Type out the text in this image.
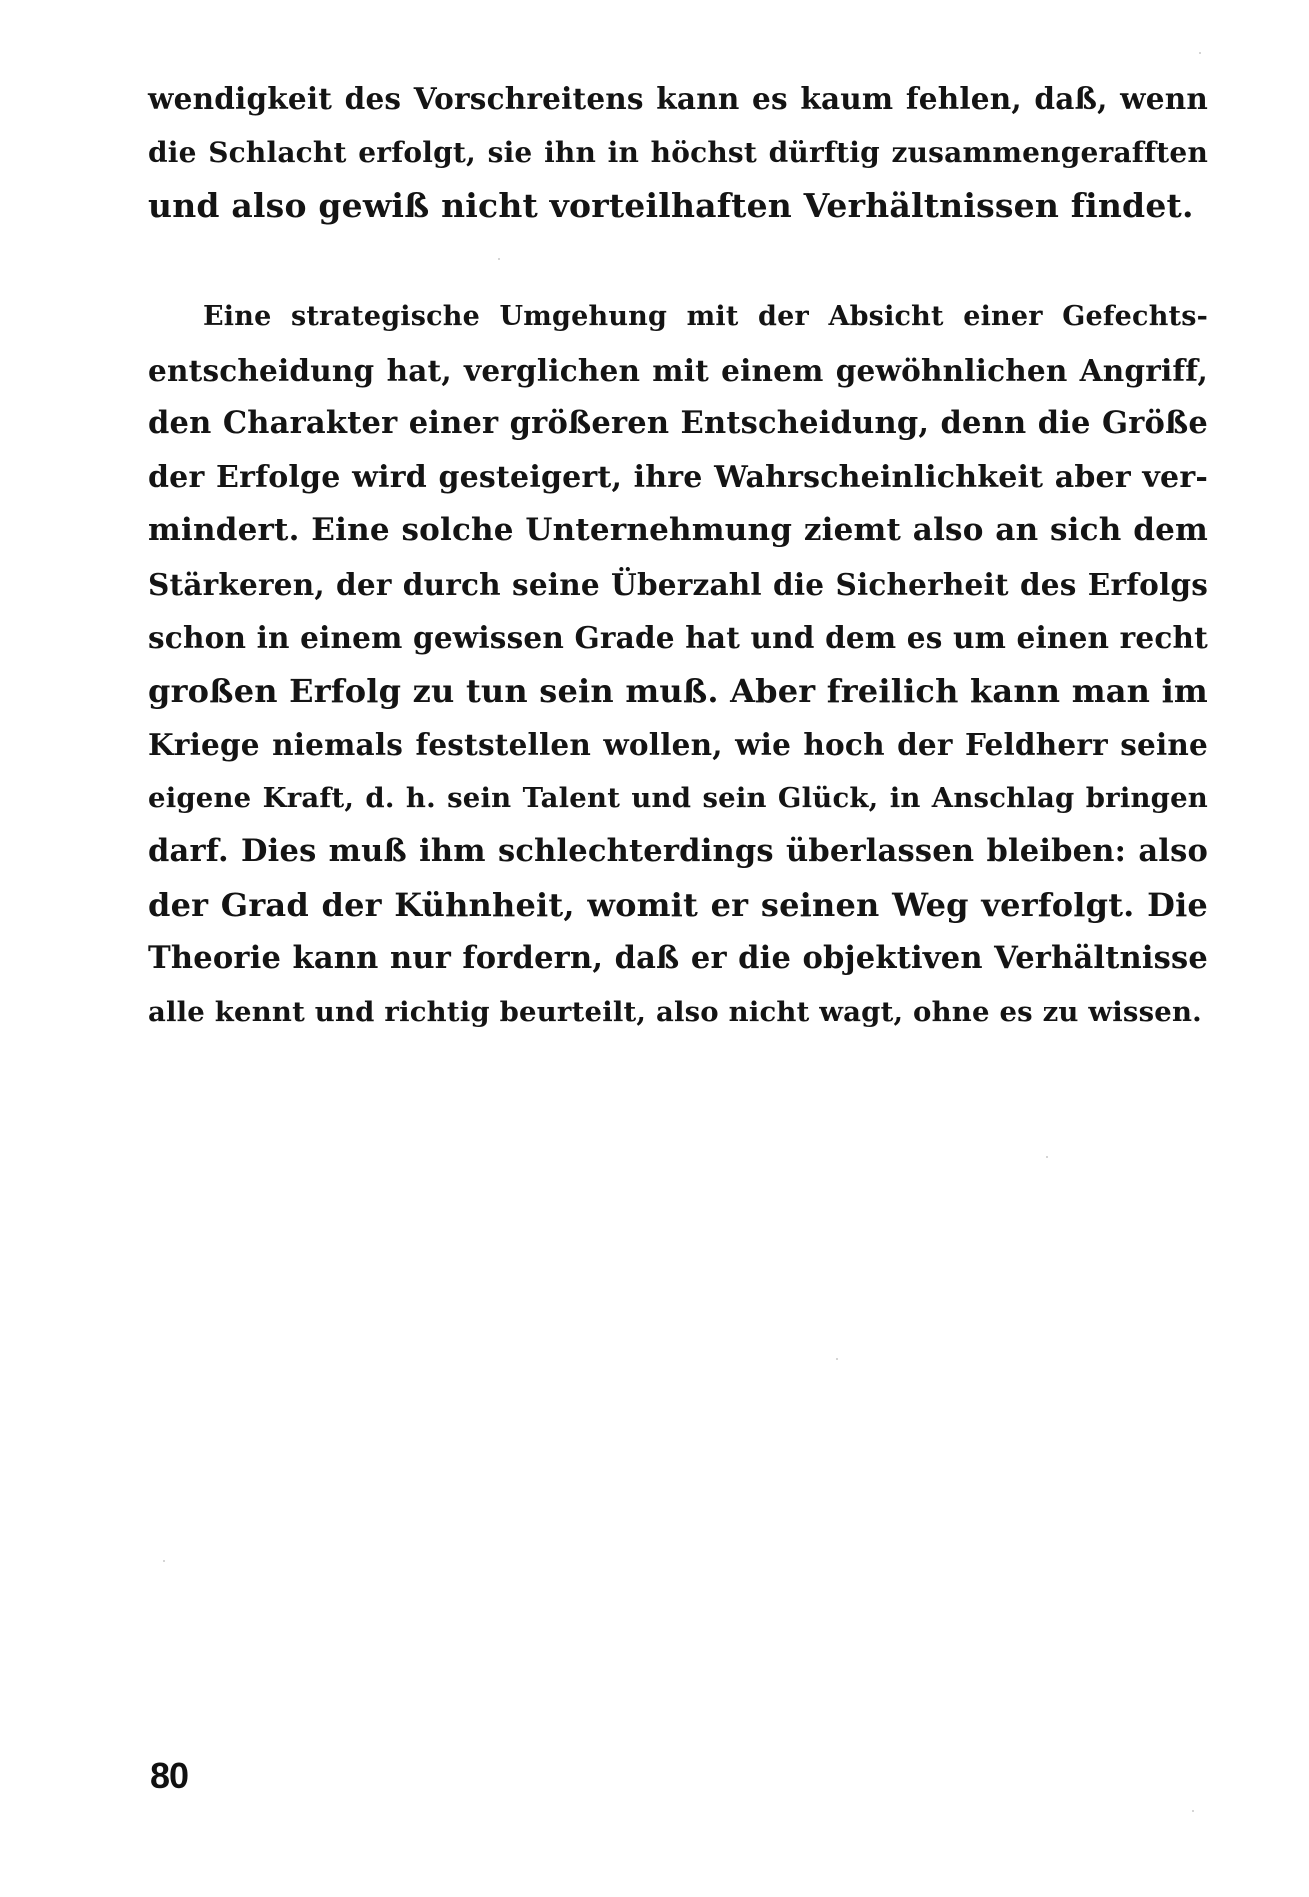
wendigkeit des Vorschreitens kann es kaum fehlen, daß, wenn
die Schlacht erfolgt, sie ihn in höchst dürftig zusammengerafften
und also gewiß nicht vorteilhaften Verhältnissen findet.
Eine strategische Umgehung mit der Absicht einer Gefechts-
entscheidung hat, verglichen mit einem gewöhnlichen Angriff,
den Charakter einer größeren Entscheidung, denn die Größe
der Erfolge wird gesteigert, ihre Wahrscheinlichkeit aber ver-
mindert. Eine solche Unternehmung ziemt also an sich dem
Stärkeren, der durch seine Überzahl die Sicherheit des Erfolgs
schon in einem gewissen Grade hat und dem es um einen recht
großen Erfolg zu tun sein muß. Aber freilich kann man im
Kriege niemals feststellen wollen, wie hoch der Feldherr seine
eigene Kraft, d. h. sein Talent und sein Glück, in Anschlag bringen
darf. Dies muß ihm schlechterdings überlassen bleiben: also
der Grad der Kühnheit, womit er seinen Weg verfolgt. Die
Theorie kann nur fordern, daß er die objektiven Verhältnisse
alle kennt und richtig beurteilt, also nicht wagt, ohne es zu wissen.
80
